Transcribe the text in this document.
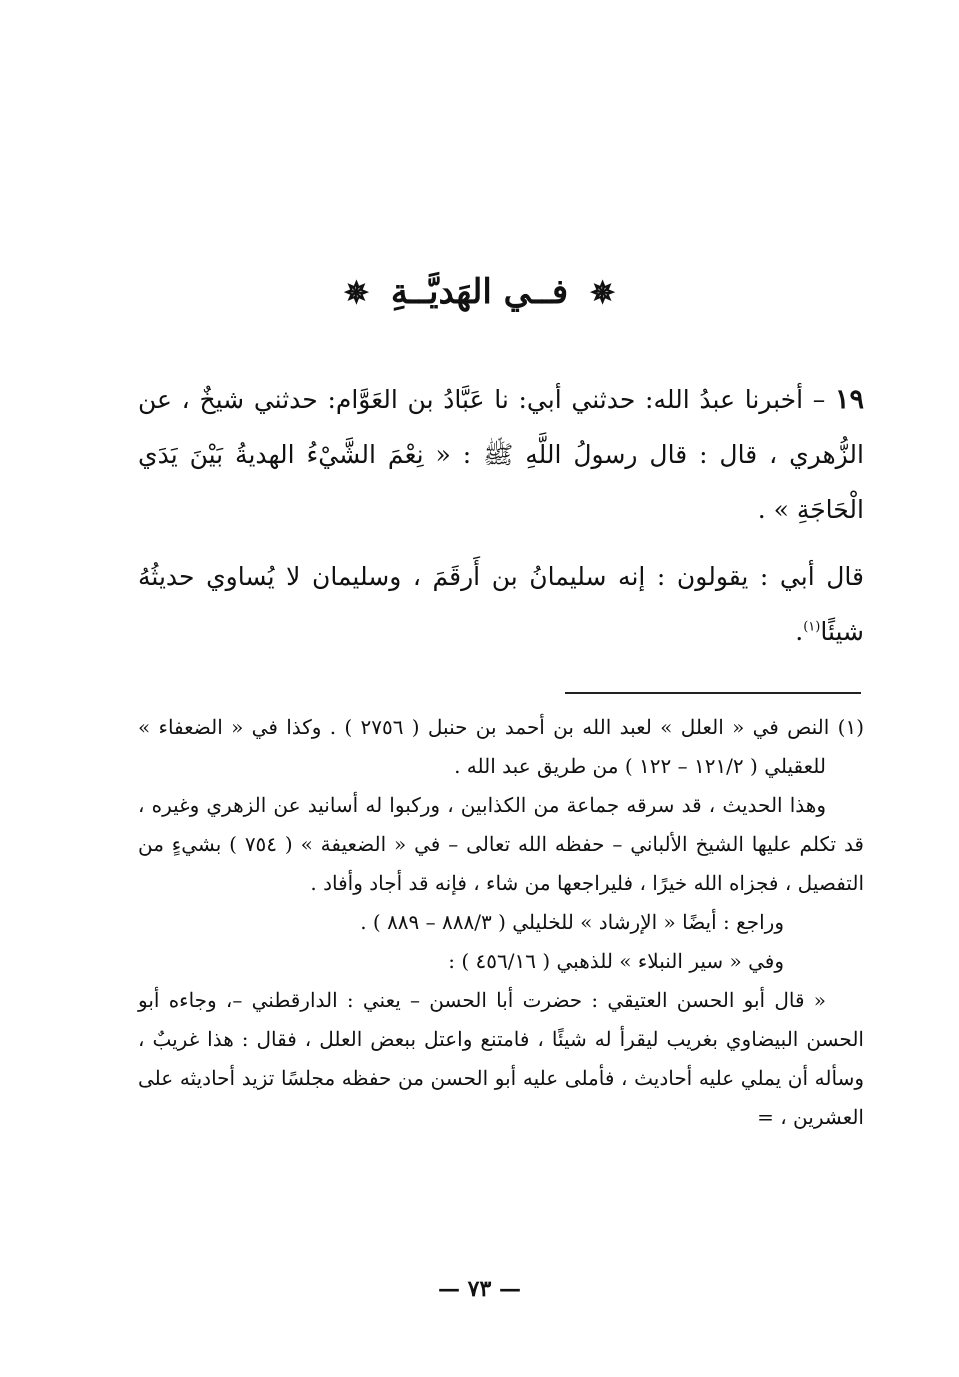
✵ فــي الهَديَّــةِ ✵

١٩ – أخبرنا عبدُ الله: حدثني أبي: نا عَبَّادُ بن العَوَّام: حدثني شيخٌ ، عن الزُّهري ، قال : قال رسولُ اللَّهِ ﷺ : « نِعْمَ الشَّيْءُ الهديةُ بَيْنَ يَدَي الْحَاجَةِ » .

قال أبي : يقولون : إنه سليمانُ بن أَرقَمَ ، وسليمان لا يُساوي حديثُهُ شيئًا$^{(١)}$.

(١) النص في « العلل » لعبد الله بن أحمد بن حنبل ( ٢٧٥٦ ) . وكذا في « الضعفاء » للعقيلي ( ١٢١/٢ – ١٢٢ ) من طريق عبد الله .

وهذا الحديث ، قد سرقه جماعة من الكذابين ، وركبوا له أسانيد عن الزهري وغيره ، قد تكلم عليها الشيخ الألباني – حفظه الله تعالى – في « الضعيفة » ( ٧٥٤ ) بشيءٍ من التفصيل ، فجزاه الله خيرًا ، فليراجعها من شاء ، فإنه قد أجاد وأفاد .

وراجع : أيضًا « الإرشاد » للخليلي ( ٨٨٨/٣ – ٨٨٩ ) .

وفي « سير النبلاء » للذهبي ( ٤٥٦/١٦ ) :

« قال أبو الحسن العتيقي : حضرت أبا الحسن – يعني : الدارقطني –، وجاءه أبو الحسن البيضاوي بغريب ليقرأ له شيئًا ، فامتنع واعتل ببعض العلل ، فقال : هذا غريبٌ ، وسأله أن يملي عليه أحاديث ، فأملى عليه أبو الحسن من حفظه مجلسًا تزيد أحاديثه على العشرين ، =

— ٧٣ —
